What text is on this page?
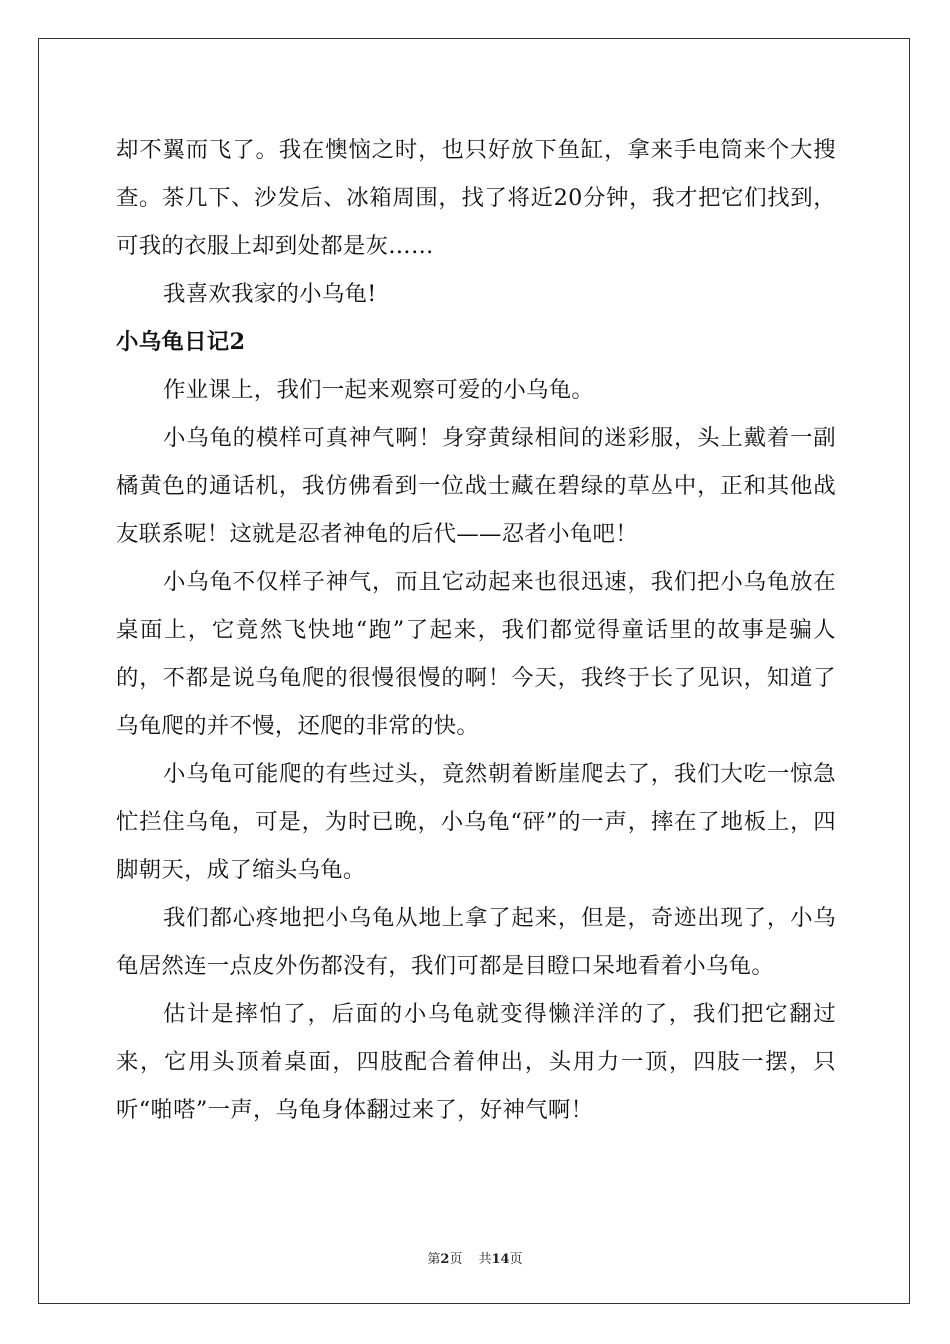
却不翼而飞了。我在懊恼之时，也只好放下鱼缸，拿来手电筒来个大搜查。茶几下、沙发后、冰箱周围，找了将近20分钟，我才把它们找到，可我的衣服上却到处都是灰……

我喜欢我家的小乌龟!

小乌龟日记2

作业课上，我们一起来观察可爱的小乌龟。

小乌龟的模样可真神气啊！身穿黄绿相间的迷彩服，头上戴着一副橘黄色的通话机，我仿佛看到一位战士藏在碧绿的草丛中，正和其他战友联系呢！这就是忍者神龟的后代——忍者小龟吧！

小乌龟不仅样子神气，而且它动起来也很迅速，我们把小乌龟放在桌面上，它竟然飞快地“跑”了起来，我们都觉得童话里的故事是骗人的，不都是说乌龟爬的很慢很慢的啊！今天，我终于长了见识，知道了乌龟爬的并不慢，还爬的非常的快。

小乌龟可能爬的有些过头，竟然朝着断崖爬去了，我们大吃一惊急忙拦住乌龟，可是，为时已晚，小乌龟“砰”的一声，摔在了地板上，四脚朝天，成了缩头乌龟。

我们都心疼地把小乌龟从地上拿了起来，但是，奇迹出现了，小乌龟居然连一点皮外伤都没有，我们可都是目瞪口呆地看着小乌龟。

估计是摔怕了，后面的小乌龟就变得懒洋洋的了，我们把它翻过来，它用头顶着桌面，四肢配合着伸出，头用力一顶，四肢一摆，只听“啪嗒”一声，乌龟身体翻过来了，好神气啊！

第2页 共14页
